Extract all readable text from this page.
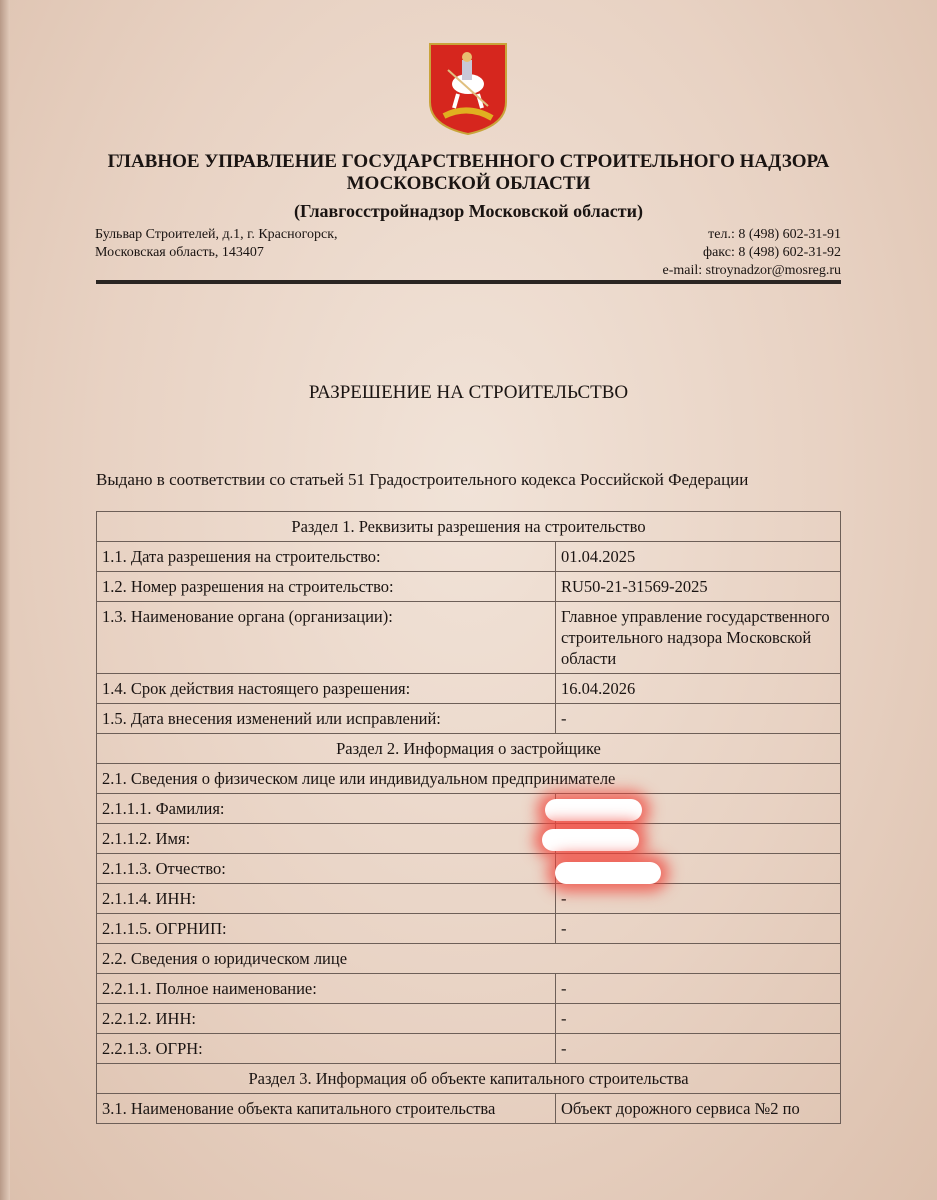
ГЛАВНОЕ УПРАВЛЕНИЕ ГОСУДАРСТВЕННОГО СТРОИТЕЛЬНОГО НАДЗОРА
МОСКОВСКОЙ ОБЛАСТИ
(Главгосстройнадзор Московской области)
Бульвар Строителей, д.1, г. Красногорск,
Московская область, 143407
тел.: 8 (498) 602-31-91
факс: 8 (498) 602-31-92
e-mail: stroynadzor@mosreg.ru
РАЗРЕШЕНИЕ НА СТРОИТЕЛЬСТВО
Выдано в соответствии со статьей 51 Градостроительного кодекса Российской Федерации
Раздел 1. Реквизиты разрешения на строительство	
1.1. Дата разрешения на строительство:	01.04.2025
1.2. Номер разрешения на строительство:	RU50-21-31569-2025
1.3. Наименование органа (организации):	Главное управление государственного строительного надзора Московской области
1.4. Срок действия настоящего разрешения:	16.04.2026
1.5. Дата внесения изменений или исправлений:	-
Раздел 2. Информация о застройщике	
2.1. Сведения о физическом лице или индивидуальном предпринимателе	
2.1.1.1. Фамилия:	
2.1.1.2. Имя:	
2.1.1.3. Отчество:	
2.1.1.4. ИНН:	-
2.1.1.5. ОГРНИП:	-
2.2. Сведения о юридическом лице	
2.2.1.1. Полное наименование:	-
2.2.1.2. ИНН:	-
2.2.1.3. ОГРН:	-
Раздел 3. Информация об объекте капитального строительства	
3.1. Наименование объекта капитального строительства	Объект дорожного сервиса №2 по
